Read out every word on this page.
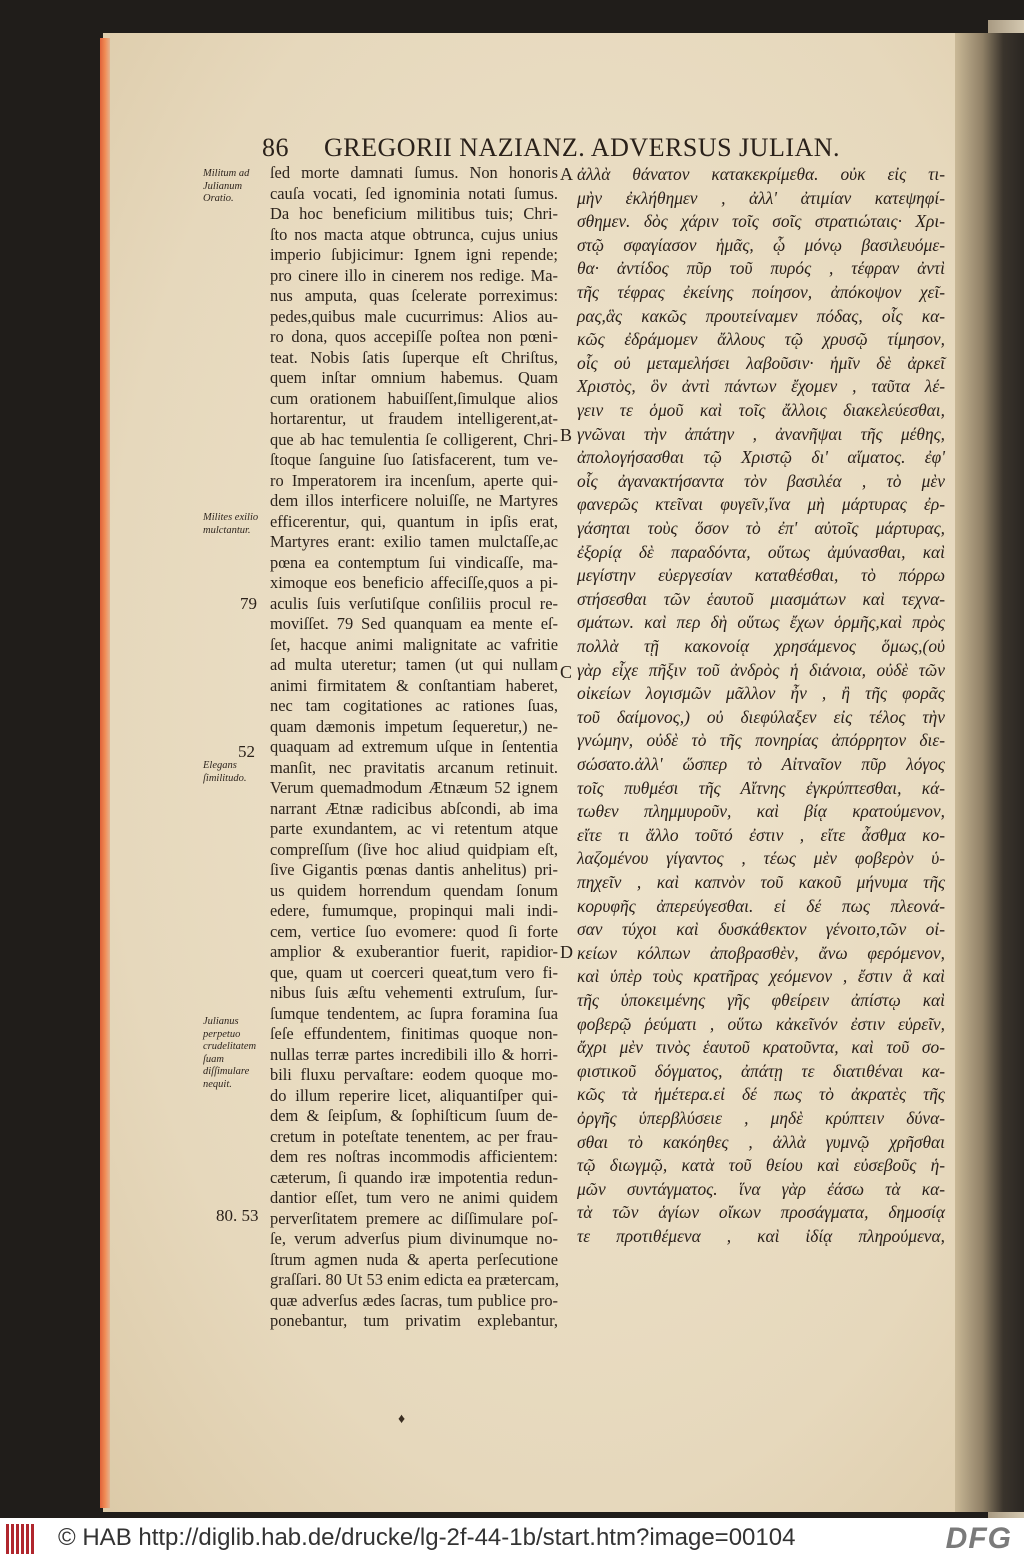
86 GREGORII NAZIANZ. ADVERSUS JULIAN.
ſed morte damnati ſumus. Non honoris
cauſa vocati, ſed ignominia notati ſumus.
Da hoc beneficium militibus tuis; Chri-
ſto nos macta atque obtrunca, cujus unius
imperio ſubjicimur: Ignem igni repende;
pro cinere illo in cinerem nos redige. Ma-
nus amputa, quas ſcelerate porreximus:
pedes,quibus male cucurrimus: Alios au-
ro dona, quos accepiſſe poſtea non pœni-
teat. Nobis ſatis ſuperque eſt Chriſtus,
quem inſtar omnium habemus. Quam
cum orationem habuiſſent,ſimulque alios
hortarentur, ut fraudem intelligerent,at-
que ab hac temulentia ſe colligerent, Chri-
ſtoque ſanguine ſuo ſatisfacerent, tum ve-
ro Imperatorem ira incenſum, aperte qui-
dem illos interficere noluiſſe, ne Martyres
efficerentur, qui, quantum in ipſis erat,
Martyres erant: exilio tamen mulctaſſe,ac
pœna ea contemptum ſui vindicaſſe, ma-
ximoque eos beneficio affeciſſe,quos a pi-
aculis ſuis verſutiſque conſiliis procul re-
moviſſet. 79 Sed quanquam ea mente eſ-
ſet, hacque animi malignitate ac vafritie
ad multa uteretur; tamen (ut qui nullam
animi firmitatem & conſtantiam haberet,
nec tam cogitationes ac rationes ſuas,
quam dæmonis impetum ſequeretur,) ne-
quaquam ad extremum uſque in ſententia
manſit, nec pravitatis arcanum retinuit.
Verum quemadmodum Ætnæum 52 ignem
narrant Ætnæ radicibus abſcondi, ab ima
parte exundantem, ac vi retentum atque
compreſſum (ſive hoc aliud quidpiam eſt,
ſive Gigantis pœnas dantis anhelitus) pri-
us quidem horrendum quendam ſonum
edere, fumumque, propinqui mali indi-
cem, vertice ſuo evomere: quod ſi forte
amplior & exuberantior fuerit, rapidior-
que, quam ut coerceri queat,tum vero fi-
nibus ſuis æſtu vehementi extruſum, ſur-
ſumque tendentem, ac ſupra foramina ſua
ſeſe effundentem, finitimas quoque non-
nullas terræ partes incredibili illo & horri-
bili fluxu pervaſtare: eodem quoque mo-
do illum reperire licet, aliquantiſper qui-
dem & ſeipſum, & ſophiſticum ſuum de-
cretum in poteſtate tenentem, ac per frau-
dem res noſtras incommodis afficientem:
cæterum, ſi quando iræ impotentia redun-
dantior eſſet, tum vero ne animi quidem
perverſitatem premere ac diſſimulare poſ-
ſe, verum adverſus pium divinumque no-
ſtrum agmen nuda & aperta perſecutione
graſſari. 80 Ut 53 enim edicta ea prætercam,
quæ adverſus ædes ſacras, tum publice pro-
ponebantur, tum privatim explebantur,
ἀλλὰ θάνατον κατακεκρίμεθα. οὐκ εἰς τι-
μὴν ἐκλήθημεν , ἀλλ' ἀτιμίαν κατεψηφί-
σθημεν. δὸς χάριν τοῖς σοῖς στρατιώταις· Χρι-
στῷ σφαγίασον ἡμᾶς, ᾧ μόνῳ βασιλευόμε-
θα· ἀντίδος πῦρ τοῦ πυρός , τέφραν ἀντὶ
τῆς τέφρας ἐκείνης ποίησον, ἀπόκοψον χεῖ-
ρας,ἃς κακῶς προυτείναμεν πόδας, οἷς κα-
κῶς ἐδράμομεν ἄλλους τῷ χρυσῷ τίμησον,
οἷς οὐ μεταμελήσει λαβοῦσιν· ἡμῖν δὲ ἀρκεῖ
Χριστὸς, ὃν ἀντὶ πάντων ἔχομεν , ταῦτα λέ-
γειν τε ὁμοῦ καὶ τοῖς ἄλλοις διακελεύεσθαι,
γνῶναι τὴν ἀπάτην , ἀνανῆψαι τῆς μέθης,
ἀπολογήσασθαι τῷ Χριστῷ δι' αἵματος. ἐφ'
οἷς ἀγανακτήσαντα τὸν βασιλέα , τὸ μὲν
φανερῶς κτεῖναι φυγεῖν,ἵνα μὴ μάρτυρας ἐρ-
γάσηται τοὺς ὅσον τὸ ἐπ' αὐτοῖς μάρτυρας,
ἐξορίᾳ δὲ παραδόντα, οὕτως ἀμύνασθαι, καὶ
μεγίστην εὐεργεσίαν καταθέσθαι, τὸ πόρρω
στήσεσθαι τῶν ἑαυτοῦ μιασμάτων καὶ τεχνα-
σμάτων. καὶ περ δὴ οὕτως ἔχων ὁρμῆς,καὶ πρὸς
πολλὰ τῇ κακονοίᾳ χρησάμενος ὅμως,(οὐ
γὰρ εἶχε πῆξιν τοῦ ἀνδρὸς ἡ διάνοια, οὐδὲ τῶν
οἰκείων λογισμῶν μᾶλλον ἦν , ἢ τῆς φορᾶς
τοῦ δαίμονος,) οὐ διεφύλαξεν εἰς τέλος τὴν
γνώμην, οὐδὲ τὸ τῆς πονηρίας ἀπόρρητον διε-
σώσατο.ἀλλ' ὥσπερ τὸ Αἰτναῖον πῦρ λόγος
τοῖς πυθμέσι τῆς Αἴτνης ἐγκρύπτεσθαι, κά-
τωθεν πλημμυροῦν, καὶ βίᾳ κρατούμενον,
εἴτε τι ἄλλο τοῦτό ἐστιν , εἴτε ἆσθμα κο-
λαζομένου γίγαντος , τέως μὲν φοβερὸν ὑ-
πηχεῖν , καὶ καπνὸν τοῦ κακοῦ μήνυμα τῆς
κορυφῆς ἀπερεύγεσθαι. εἰ δέ πως πλεονά-
σαν τύχοι καὶ δυσκάθεκτον γένοιτο,τῶν οἰ-
κείων κόλπων ἀποβρασθὲν, ἄνω φερόμενον,
καὶ ὑπὲρ τοὺς κρατῆρας χεόμενον , ἔστιν ἃ καὶ
τῆς ὑποκειμένης γῆς φθείρειν ἀπίστῳ καὶ
φοβερῷ ῥεύματι , οὕτω κἀκεῖνόν ἐστιν εὑρεῖν,
ἄχρι μὲν τινὸς ἑαυτοῦ κρατοῦντα, καὶ τοῦ σο-
φιστικοῦ δόγματος, ἀπάτῃ τε διατιθέναι κα-
κῶς τὰ ἡμέτερα.εἰ δέ πως τὸ ἀκρατὲς τῆς
ὀργῆς ὑπερβλύσειε , μηδὲ κρύπτειν δύνα-
σθαι τὸ κακόηθες , ἀλλὰ γυμνῷ χρῆσθαι
τῷ διωγμῷ, κατὰ τοῦ θείου καὶ εὐσεβοῦς ἡ-
μῶν συντάγματος. ἵνα γὰρ ἐάσω τὰ κα-
τὰ τῶν ἁγίων οἴκων προσάγματα, δημοσίᾳ
τε προτιθέμενα , καὶ ἰδίᾳ πληρούμενα,
Militum ad Julianum Oratio.
Milites exilio mulctantur.
Elegans ſimilitudo.
Julianus perpetuo crudelitatem ſuam diſſimulare nequit.
79
52
80. 53
A
B
C
D
♦
© HAB http://diglib.hab.de/drucke/lg-2f-44-1b/start.htm?image=00104	DFG
